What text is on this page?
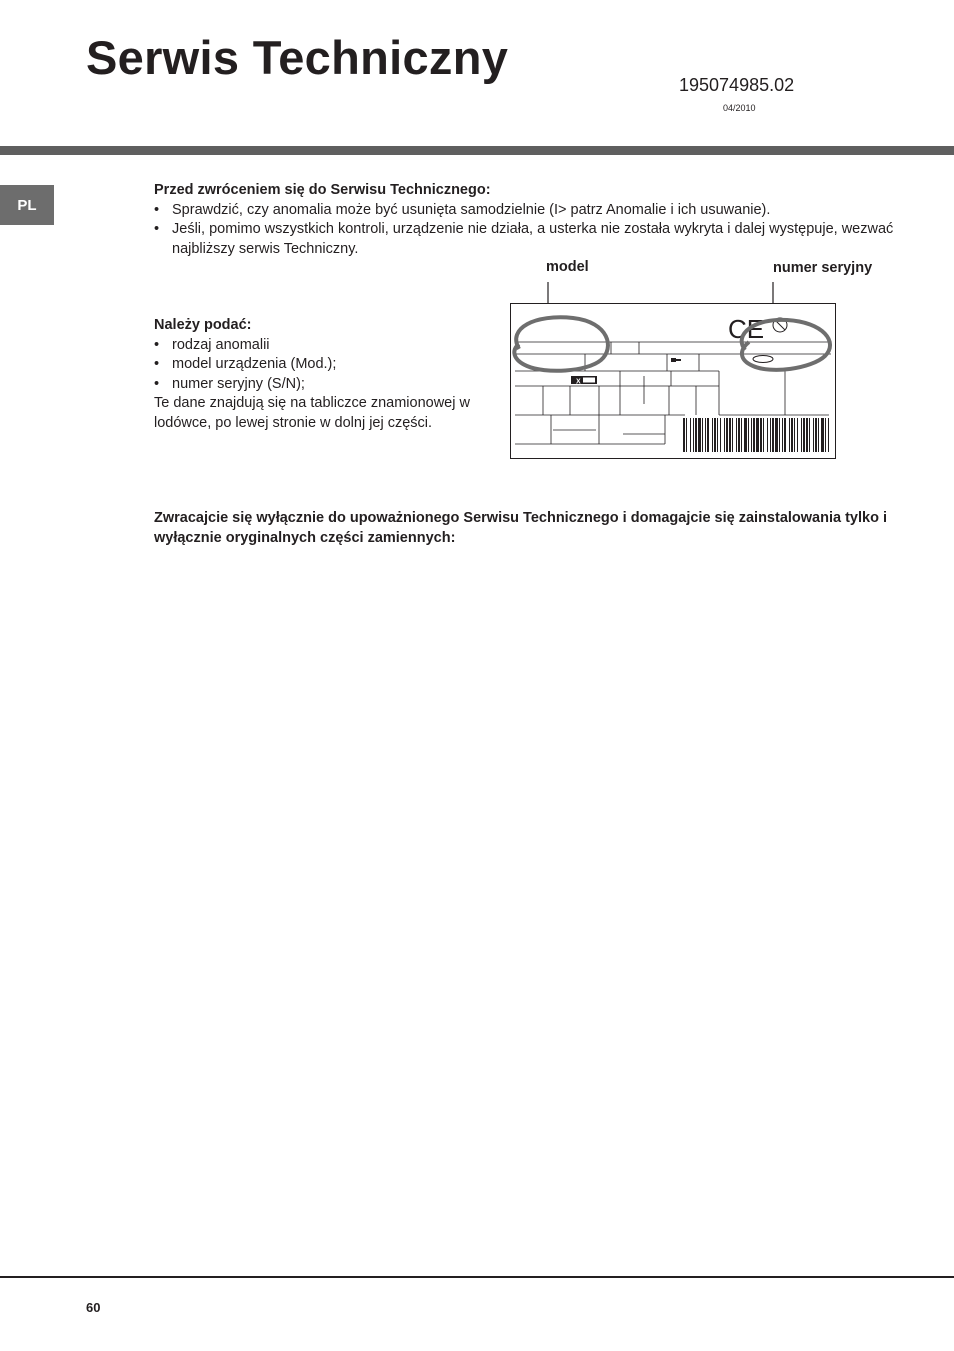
Serwis Techniczny
195074985.02
04/2010
PL
Przed zwróceniem się do Serwisu Technicznego:
• Sprawdzić, czy anomalia może być usunięta samodzielnie (I> patrz Anomalie i ich usuwanie).
• Jeśli, pomimo wszystkich kontroli, urządzenie nie działa, a usterka nie została wykryta i dalej występuje, wezwać najbliższy serwis Techniczny.
Należy podać:
• rodzaj anomalii
• model urządzenia (Mod.);
• numer seryjny (S/N);
Te dane znajdują się na tabliczce znamionowej w lodówce, po lewej stronie w dolnj jej części.
model	numer seryjny
X
CE
Zwracajcie się wyłącznie do upoważnionego Serwisu Technicznego i domagajcie się zainstalowania tylko i wyłącznie oryginalnych części zamiennych:
60
